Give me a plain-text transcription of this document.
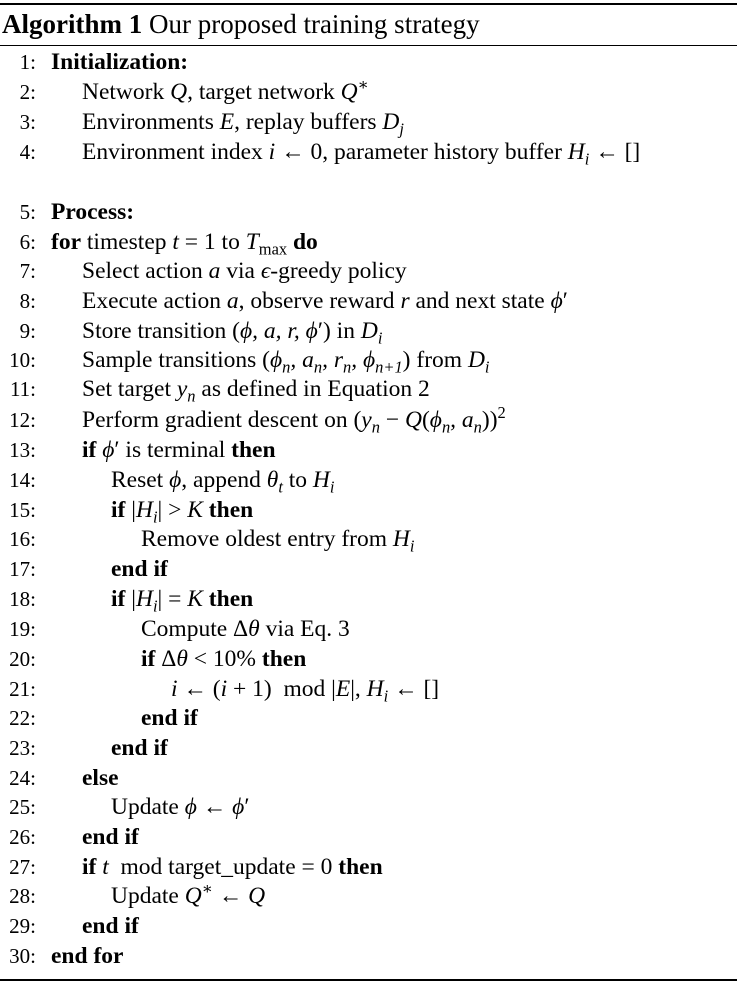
Algorithm 1 Our proposed training strategy
1: Initialization:
2: Network Q, target network Q∗
3: Environments E, replay buffers $D_j$
4: Environment index i ← 0, parameter history buffer $H_i$ ← []
5: Process:
6: for timestep t = 1 to $T_{max}$ do
7: Select action a via ϵ-greedy policy
8: Execute action a, observe reward r and next state ϕ′
9: Store transition (ϕ, a, r, ϕ′) in $D_i$
10: Sample transitions ($\phi_n$, $a_n$, $r_n$, $\phi_{n+1}$) from $D_i$
11: Set target $y_n$ as defined in Equation 2
12: Perform gradient descent on ($y_n - Q(\phi_n$, $a_n))^2$
13: if ϕ′ is terminal then
14:	Reset ϕ, append $\theta_t$ to $H_i$
15:	if $|H_i| > K$ then
16:	Remove oldest entry from $H_i$
17:	end if
18:	if $|H_i| = K$ then
19:	Compute Δθ via Eq. 3
20:	if Δθ < 10% then
21:	i ← (i + 1)  mod |E|, $H_i$ ← []
22:	end if
23:	end if
24: else
25:	Update ϕ ← ϕ′
26: end if
27: if t  mod target_update = 0 then
28:	Update Q∗ ← Q
29: end if
30: end for
